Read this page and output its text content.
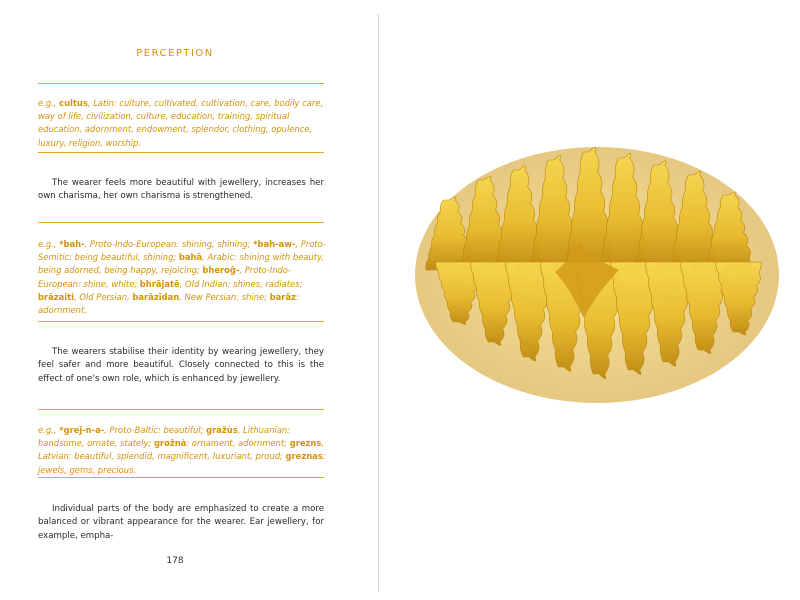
PERCEPTION
e.g., cultus, Latin: culture, cultivated, cultivation, care, bodily care, way of life, civilization, culture, education, training, spiritual education, adornment, endowment, splendor, clothing, opulence, luxury, religion, worship.
The wearer feels more beautiful with jewellery, increases her own charisma, her own charisma is strengthened.
e.g., *bah-, Proto-Indo-European: shining, shining; *bah-aw-, Proto-Semitic: being beautiful, shining; bahā, Arabic: shining with beauty, being adorned, being happy, rejoicing; bheroĝ-, Proto-Indo-European: shine, white; bhrājatē, Old Indian: shines, radiates; brāzaiti, Old Persian, barāzīdan, New Persian: shine; barāz: adornment.
The wearers stabilise their identity by wearing jewellery, they feel safer and more beautiful. Closely connected to this is the effect of one’s own role, which is enhanced by jewellery.
e.g., *greȷ̌-n-a-, Proto-Baltic: beautiful; gražùs, Lithuanian: handsome, ornate, stately; grožnà: ornament, adornment; grezns, Latvian: beautiful, splendid, magnificent, luxuriant, proud; greznas: jewels, gems, precious.
Individual parts of the body are emphasized to create a more balanced or vibrant appearance for the wearer. Ear jewellery, for example, empha-
178
